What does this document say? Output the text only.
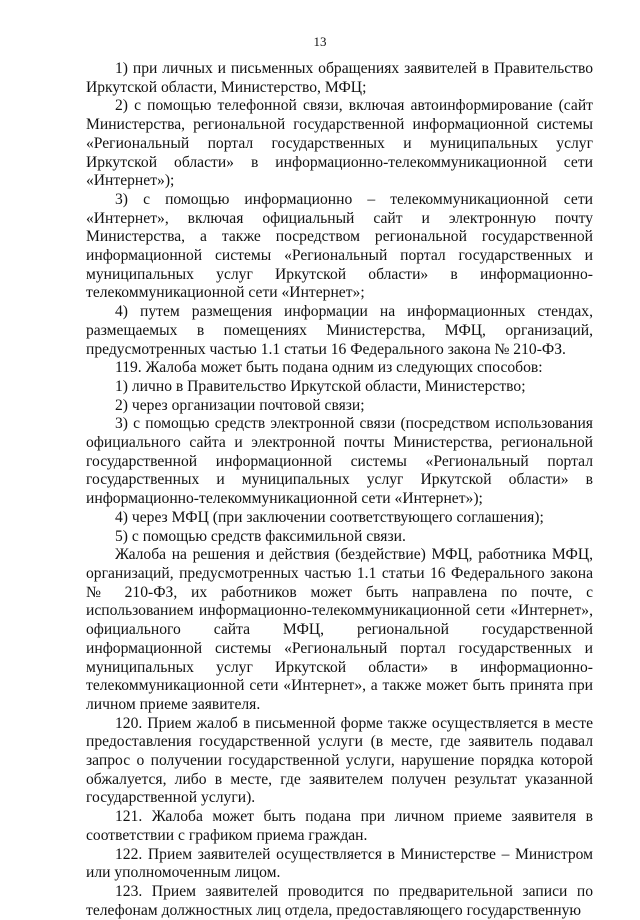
13

1) при личных и письменных обращениях заявителей в Правительство Иркутской области, Министерство, МФЦ;

2) с помощью телефонной связи, включая автоинформирование (сайт Министерства, региональной государственной информационной системы «Региональный портал государственных и муниципальных услуг Иркутской области» в информационно-телекоммуникационной сети «Интернет»);

3) с помощью информационно – телекоммуникационной сети «Интернет», включая официальный сайт и электронную почту Министерства, а также посредством региональной государственной информационной системы «Региональный портал государственных и муниципальных услуг Иркутской области» в информационно-телекоммуникационной сети «Интернет»;

4) путем размещения информации на информационных стендах, размещаемых в помещениях Министерства, МФЦ, организаций, предусмотренных частью 1.1 статьи 16 Федерального закона № 210-ФЗ.

119. Жалоба может быть подана одним из следующих способов:

1) лично в Правительство Иркутской области, Министерство;

2) через организации почтовой связи;

3) с помощью средств электронной связи (посредством использования официального сайта и электронной почты Министерства, региональной государственной информационной системы «Региональный портал государственных и муниципальных услуг Иркутской области» в информационно-телекоммуникационной сети «Интернет»);

4) через МФЦ (при заключении соответствующего соглашения);

5) с помощью средств факсимильной связи.

Жалоба на решения и действия (бездействие) МФЦ, работника МФЦ, организаций, предусмотренных частью 1.1 статьи 16 Федерального закона № 210-ФЗ, их работников может быть направлена по почте, с использованием информационно-телекоммуникационной сети «Интернет», официального сайта МФЦ, региональной государственной информационной системы «Региональный портал государственных и муниципальных услуг Иркутской области» в информационно-телекоммуникационной сети «Интернет», а также может быть принята при личном приеме заявителя.

120. Прием жалоб в письменной форме также осуществляется в месте предоставления государственной услуги (в месте, где заявитель подавал запрос о получении государственной услуги, нарушение порядка которой обжалуется, либо в месте, где заявителем получен результат указанной государственной услуги).

121. Жалоба может быть подана при личном приеме заявителя в соответствии с графиком приема граждан.

122. Прием заявителей осуществляется в Министерстве – Министром или уполномоченным лицом.

123. Прием заявителей проводится по предварительной записи по телефонам должностных лиц отдела, предоставляющего государственную
